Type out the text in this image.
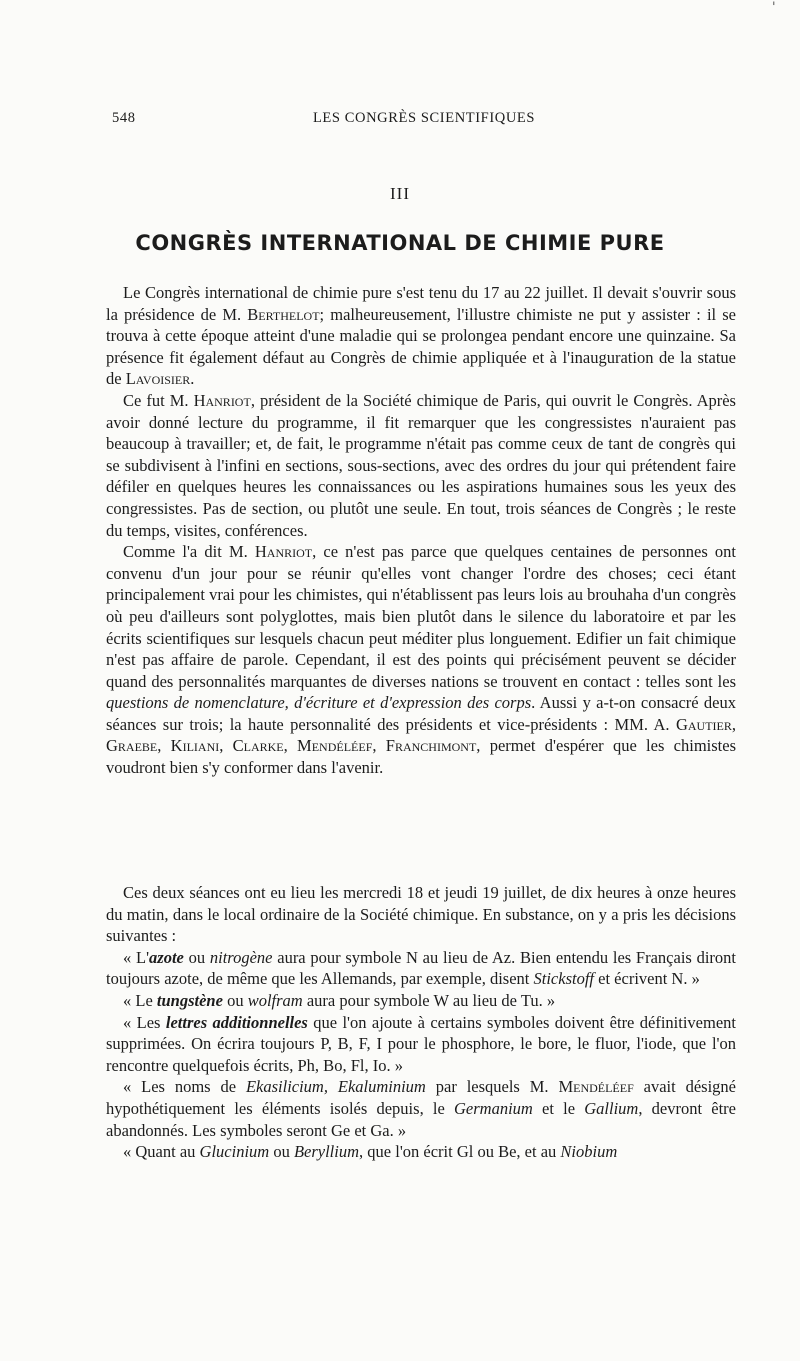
'
548	LES CONGRÈS SCIENTIFIQUES
III
CONGRÈS INTERNATIONAL DE CHIMIE PURE

Le Congrès international de chimie pure s'est tenu du 17 au 22 juillet. Il devait s'ouvrir sous la présidence de M. Berthelot; malheureusement, l'illustre chimiste ne put y assister : il se trouva à cette époque atteint d'une maladie qui se prolongea pendant encore une quinzaine. Sa présence fit également défaut au Congrès de chimie appliquée et à l'inauguration de la statue de Lavoisier.

Ce fut M. Hanriot, président de la Société chimique de Paris, qui ouvrit le Congrès. Après avoir donné lecture du programme, il fit remarquer que les congressistes n'auraient pas beaucoup à travailler; et, de fait, le programme n'était pas comme ceux de tant de congrès qui se subdivisent à l'infini en sections, sous-sections, avec des ordres du jour qui prétendent faire défiler en quelques heures les connaissances ou les aspirations humaines sous les yeux des congressistes. Pas de section, ou plutôt une seule. En tout, trois séances de Congrès ; le reste du temps, visites, conférences.

Comme l'a dit M. Hanriot, ce n'est pas parce que quelques centaines de personnes ont convenu d'un jour pour se réunir qu'elles vont changer l'ordre des choses; ceci étant principalement vrai pour les chimistes, qui n'établissent pas leurs lois au brouhaha d'un congrès où peu d'ailleurs sont polyglottes, mais bien plutôt dans le silence du laboratoire et par les écrits scientifiques sur lesquels chacun peut méditer plus longuement. Edifier un fait chimique n'est pas affaire de parole. Cependant, il est des points qui précisément peuvent se décider quand des personnalités marquantes de diverses nations se trouvent en contact : telles sont les questions de nomenclature, d'écriture et d'expression des corps. Aussi y a-t-on consacré deux séances sur trois; la haute personnalité des présidents et vice-présidents : MM. A. Gautier, Graebe, Kiliani, Clarke, Mendéléef, Franchimont, permet d'espérer que les chimistes voudront bien s'y conformer dans l'avenir.

Ces deux séances ont eu lieu les mercredi 18 et jeudi 19 juillet, de dix heures à onze heures du matin, dans le local ordinaire de la Société chimique. En substance, on y a pris les décisions suivantes :

« L'azote ou nitrogène aura pour symbole N au lieu de Az. Bien entendu les Français diront toujours azote, de même que les Allemands, par exemple, disent Stickstoff et écrivent N. »

« Le tungstène ou wolfram aura pour symbole W au lieu de Tu. »

« Les lettres additionnelles que l'on ajoute à certains symboles doivent être définitivement supprimées. On écrira toujours P, B, F, I pour le phosphore, le bore, le fluor, l'iode, que l'on rencontre quelquefois écrits, Ph, Bo, Fl, Io. »

« Les noms de Ekasilicium, Ekaluminium par lesquels M. Mendéléef avait désigné hypothétiquement les éléments isolés depuis, le Germanium et le Gallium, devront être abandonnés. Les symboles seront Ge et Ga. »

« Quant au Glucinium ou Beryllium, que l'on écrit Gl ou Be, et au Niobium
